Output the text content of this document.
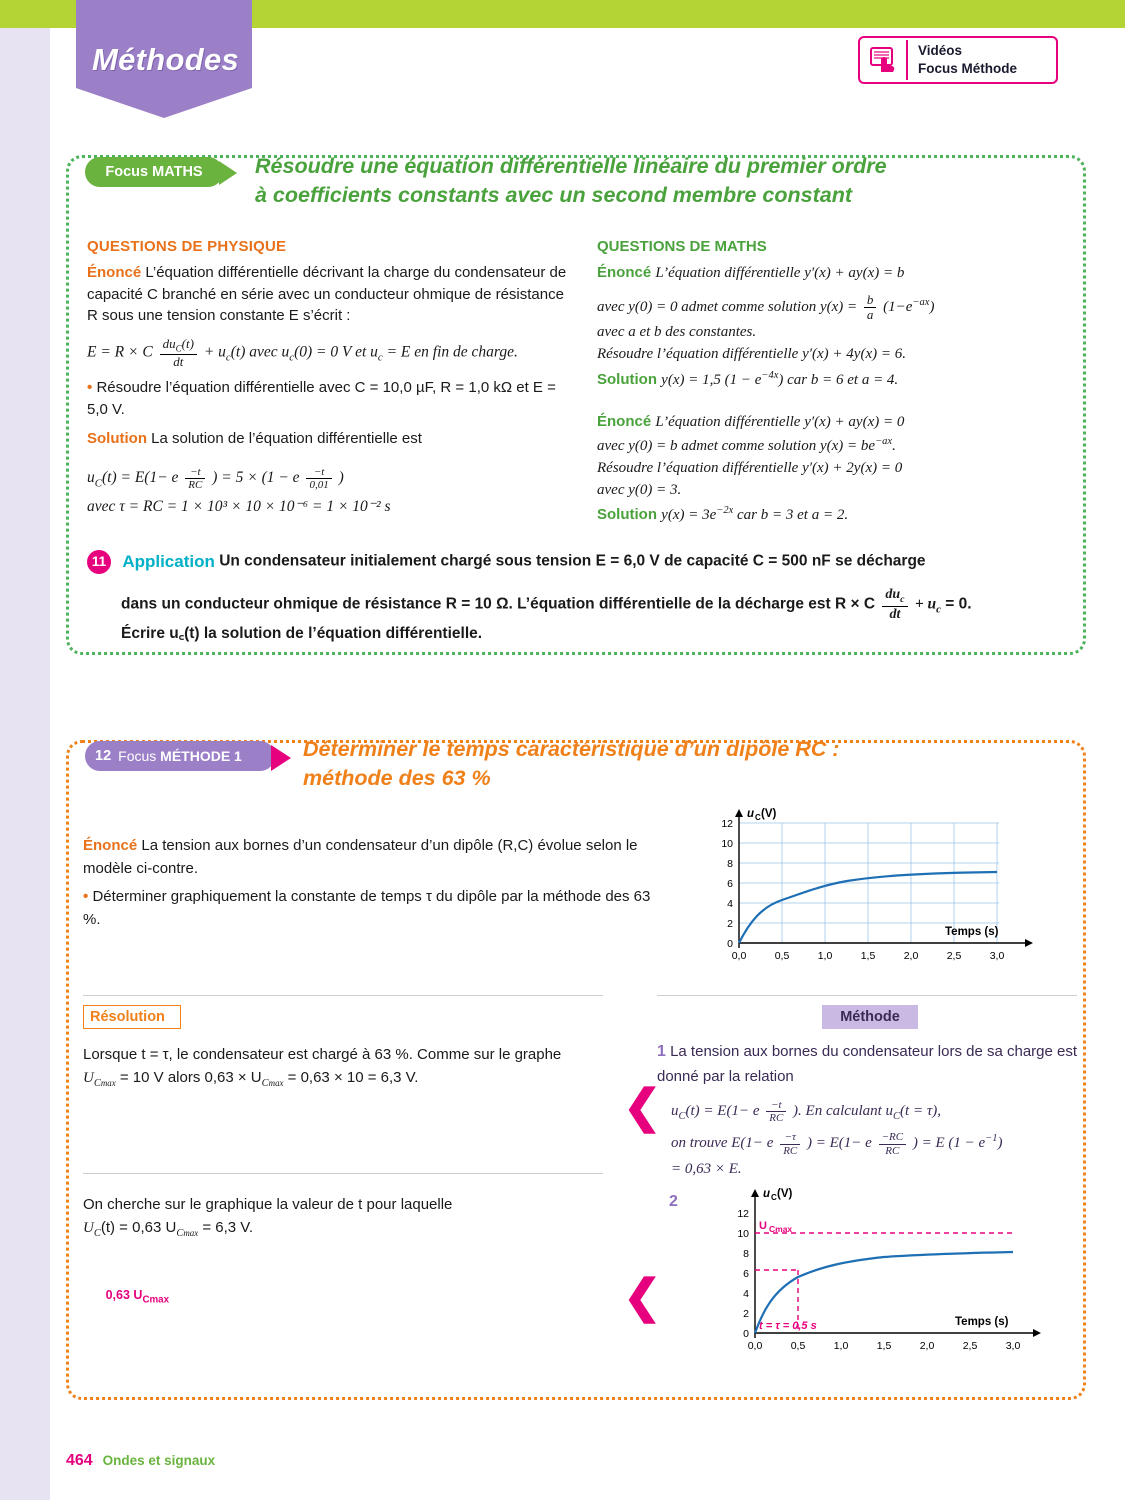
Méthodes	Vidéos
Focus Méthode
Focus MATHS	Résoudre une équation différentielle linéaire du premier ordre
à coefficients constants avec un second membre constant
QUESTIONS DE PHYSIQUE
Énoncé L’équation différentielle décrivant la charge du condensateur de capacité C branché en série avec un conducteur ohmique de résistance R sous une tension constante E s’écrit :
E = R × C $\frac{du_C(t)}{dt} + u_c(t)$ avec $u_c(0) = 0$ V et $u_c = E$ en fin de charge.
• Résoudre l’équation différentielle avec C = 10,0 µF, R = 1,0 kΩ et E = 5,0 V.
Solution La solution de l’équation différentielle est
$u_C(t) = E(1- e \frac{-t}{RC}$ ) = 5 × (1 − e $\frac{-t}{0,01}$ )
avec τ = RC = 1 × 10³ × 10 × 10⁻⁶ = 1 × 10⁻² s
QUESTIONS DE MATHS
Énoncé L’équation différentielle y′(x) + ay(x) = b
avec y(0) = 0 admet comme solution $y(x) = \frac{b}{a} (1-e^{-ax})$
avec a et b des constantes.
Résoudre l’équation différentielle y′(x) + 4y(x) = 6.
Solution y(x) = 1,5 $(1 - e^{-4x})$ car b = 6 et a = 4.
Énoncé L’équation différentielle y′(x) + ay(x) = 0
avec y(0) = b admet comme solution $y(x) = be^{-ax}$.
Résoudre l’équation différentielle y′(x) + 2y(x) = 0
avec y(0) = 3.
Solution $y(x) = 3e^{-2x}$ car b = 3 et a = 2.
11 Application Un condensateur initialement chargé sous tension E = 6,0 V de capacité C = 500 nF se décharge
dans un conducteur ohmique de résistance R = 10 Ω. L’équation différentielle de la décharge est R × C $\frac{du_c}{dt} + u_c = 0$.
Écrire u꜀(t) la solution de l’équation différentielle.
12 Focus MÉTHODE 1	Déterminer le temps caractéristique d’un dipôle RC :
méthode des 63 %
Énoncé La tension aux bornes d’un condensateur d’un dipôle (R,C) évolue selon le modèle ci-contre.
• Déterminer graphiquement la constante de temps τ du dipôle par la méthode des 63 %.
u C (V)
Temps (s)
12
10
8
6
4
2
0
0,0	0,5	1,0	1,5	2,0	2,5	3,0
Résolution	Méthode
Lorsque t = τ, le condensateur est chargé à 63 %. Comme sur le graphe
$U_{Cmax} = 10$ V alors $0,63 \times U_{Cmax} = 0,63 \times 10 = 6,3$ V.
On cherche sur le graphique la valeur de t pour laquelle
$U_C(t) = 0,63$ $U_{Cmax} = 6,3$ V.
❮
❮
1 La tension aux bornes du condensateur lors de sa charge est donné par la relation
$u_C(t) = E(1- e \frac{-t}{RC}$ ). En calculant $u_C(t = \tau)$,
on trouve E(1− e $\frac{-\tau}{RC}$ ) = E(1− e $\frac{-RC}{RC}$ ) = E $(1 - e^{-1})$
= 0,63 × E.
2	u C (V)
Temps (s)
12
10
8
6
4
2
0
0,0	0,5	1,0	1,5	2,0	2,5	3,0
U Cmax
t = τ = 0,5 s
0,63 $U_{Cmax}$
464 Ondes et signaux
